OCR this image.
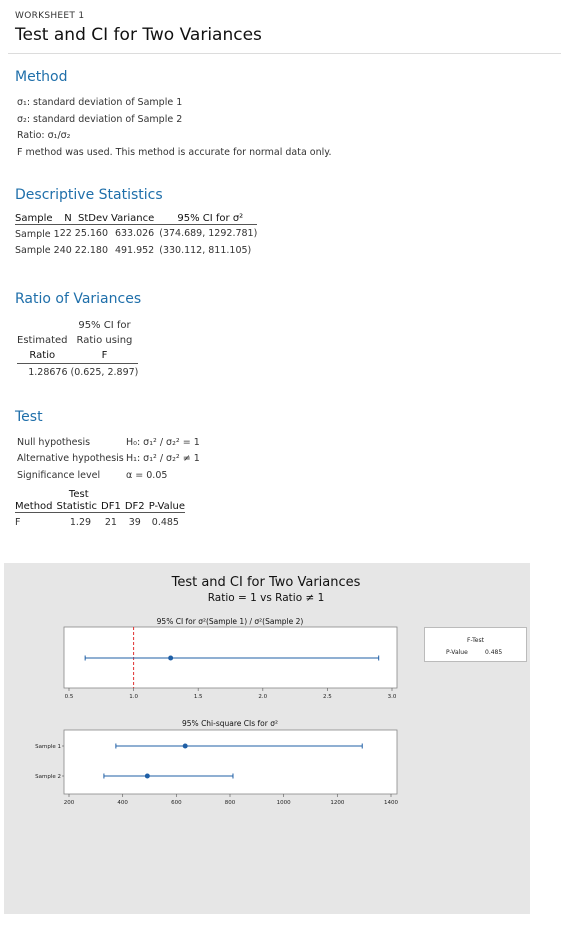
WORKSHEET 1
Test and CI for Two Variances
Method
σ₁: standard deviation of Sample 1
σ₂: standard deviation of Sample 2
Ratio: σ₁/σ₂
F method was used. This method is accurate for normal data only.
Descriptive Statistics
Sample	N	StDev	Variance	95% CI for σ²
Sample 1	22	25.160	633.026	(374.689, 1292.781)
Sample 2	40	22.180	491.952	(330.112, 811.105)
Ratio of Variances
	95% CI for
Estimated	Ratio using
Ratio	F
1.28676	(0.625, 2.897)
Test
Null hypothesis	H₀: σ₁² / σ₂² = 1
Alternative hypothesis	H₁: σ₁² / σ₂² ≠ 1
Significance level	α = 0.05
	Test			
Method	Statistic	DF1	DF2	P-Value
F	1.29	21	39	0.485
Test and CI for Two Variances
Ratio = 1 vs Ratio ≠ 1
95% CI for σ²(Sample 1) / σ²(Sample 2)
0.5	1.0	1.5	2.0	2.5	3.0
95% Chi-square CIs for σ²
200	400	600	800	1000	1200	1400
Sample 1
Sample 2
F-Test
P-Value	0.485
